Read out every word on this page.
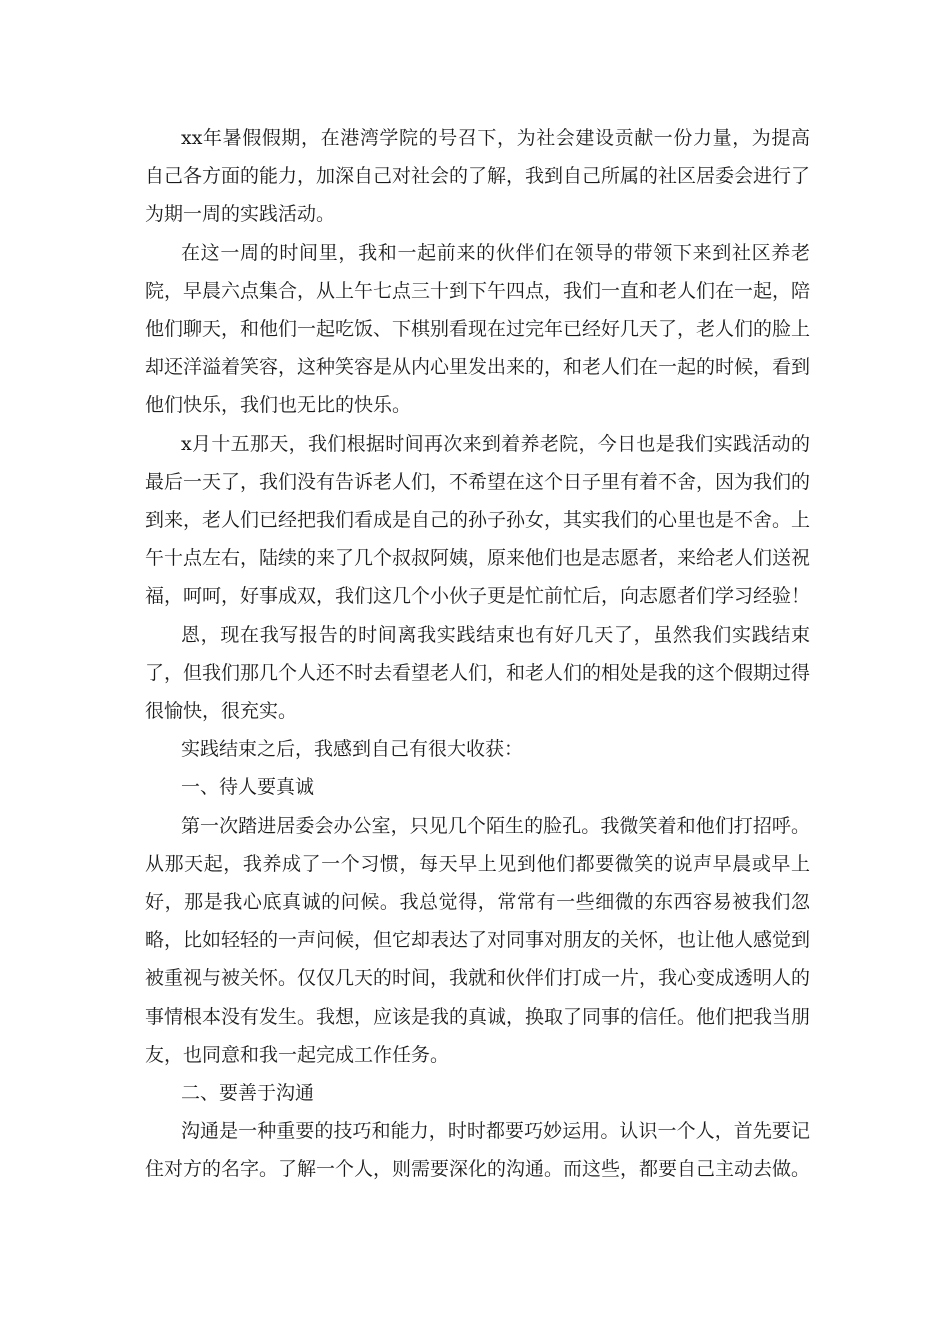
xx年暑假假期，在港湾学院的号召下，为社会建设贡献一份力量，为提高自己各方面的能力，加深自己对社会的了解，我到自己所属的社区居委会进行了为期一周的实践活动。

在这一周的时间里，我和一起前来的伙伴们在领导的带领下来到社区养老院，早晨六点集合，从上午七点三十到下午四点，我们一直和老人们在一起，陪他们聊天，和他们一起吃饭、下棋别看现在过完年已经好几天了，老人们的脸上却还洋溢着笑容，这种笑容是从内心里发出来的，和老人们在一起的时候，看到他们快乐，我们也无比的快乐。

x月十五那天，我们根据时间再次来到着养老院，今日也是我们实践活动的最后一天了，我们没有告诉老人们，不希望在这个日子里有着不舍，因为我们的到来，老人们已经把我们看成是自己的孙子孙女，其实我们的心里也是不舍。上午十点左右，陆续的来了几个叔叔阿姨，原来他们也是志愿者，来给老人们送祝福，呵呵，好事成双，我们这几个小伙子更是忙前忙后，向志愿者们学习经验！

恩，现在我写报告的时间离我实践结束也有好几天了，虽然我们实践结束了，但我们那几个人还不时去看望老人们，和老人们的相处是我的这个假期过得很愉快，很充实。

实践结束之后，我感到自己有很大收获：

一、待人要真诚

第一次踏进居委会办公室，只见几个陌生的脸孔。我微笑着和他们打招呼。从那天起，我养成了一个习惯，每天早上见到他们都要微笑的说声早晨或早上好，那是我心底真诚的问候。我总觉得，常常有一些细微的东西容易被我们忽略，比如轻轻的一声问候，但它却表达了对同事对朋友的关怀，也让他人感觉到被重视与被关怀。仅仅几天的时间，我就和伙伴们打成一片，我心变成透明人的事情根本没有发生。我想，应该是我的真诚，换取了同事的信任。他们把我当朋友，也同意和我一起完成工作任务。

二、要善于沟通

沟通是一种重要的技巧和能力，时时都要巧妙运用。认识一个人，首先要记住对方的名字。了解一个人，则需要深化的沟通。而这些，都要自己主动去做。
